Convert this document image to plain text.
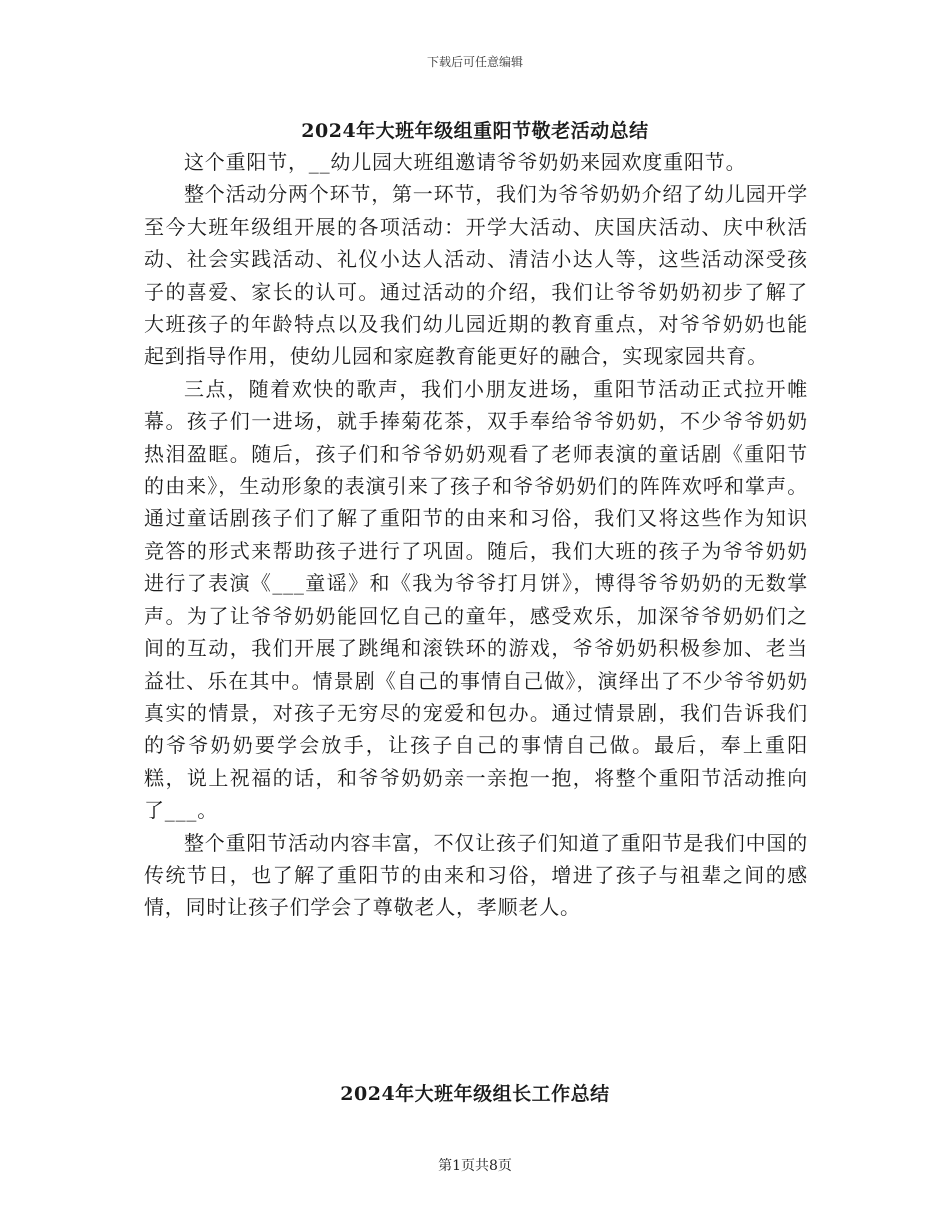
下载后可任意编辑
2024年大班年级组重阳节敬老活动总结

这个重阳节，__幼儿园大班组邀请爷爷奶奶来园欢度重阳节。

整个活动分两个环节，第一环节，我们为爷爷奶奶介绍了幼儿园开学至今大班年级组开展的各项活动：开学大活动、庆国庆活动、庆中秋活动、社会实践活动、礼仪小达人活动、清洁小达人等，这些活动深受孩子的喜爱、家长的认可。通过活动的介绍，我们让爷爷奶奶初步了解了大班孩子的年龄特点以及我们幼儿园近期的教育重点，对爷爷奶奶也能起到指导作用，使幼儿园和家庭教育能更好的融合，实现家园共育。

三点，随着欢快的歌声，我们小朋友进场，重阳节活动正式拉开帷幕。孩子们一进场，就手捧菊花茶，双手奉给爷爷奶奶，不少爷爷奶奶热泪盈眶。随后，孩子们和爷爷奶奶观看了老师表演的童话剧《重阳节的由来》，生动形象的表演引来了孩子和爷爷奶奶们的阵阵欢呼和掌声。通过童话剧孩子们了解了重阳节的由来和习俗，我们又将这些作为知识竞答的形式来帮助孩子进行了巩固。随后，我们大班的孩子为爷爷奶奶进行了表演《___童谣》和《我为爷爷打月饼》，博得爷爷奶奶的无数掌声。为了让爷爷奶奶能回忆自己的童年，感受欢乐，加深爷爷奶奶们之间的互动，我们开展了跳绳和滚铁环的游戏，爷爷奶奶积极参加、老当益壮、乐在其中。情景剧《自己的事情自己做》，演绎出了不少爷爷奶奶真实的情景，对孩子无穷尽的宠爱和包办。通过情景剧，我们告诉我们的爷爷奶奶要学会放手，让孩子自己的事情自己做。最后，奉上重阳糕，说上祝福的话，和爷爷奶奶亲一亲抱一抱，将整个重阳节活动推向了___。

整个重阳节活动内容丰富，不仅让孩子们知道了重阳节是我们中国的传统节日，也了解了重阳节的由来和习俗，增进了孩子与祖辈之间的感情，同时让孩子们学会了尊敬老人，孝顺老人。

2024年大班年级组长工作总结
第1页共8页
